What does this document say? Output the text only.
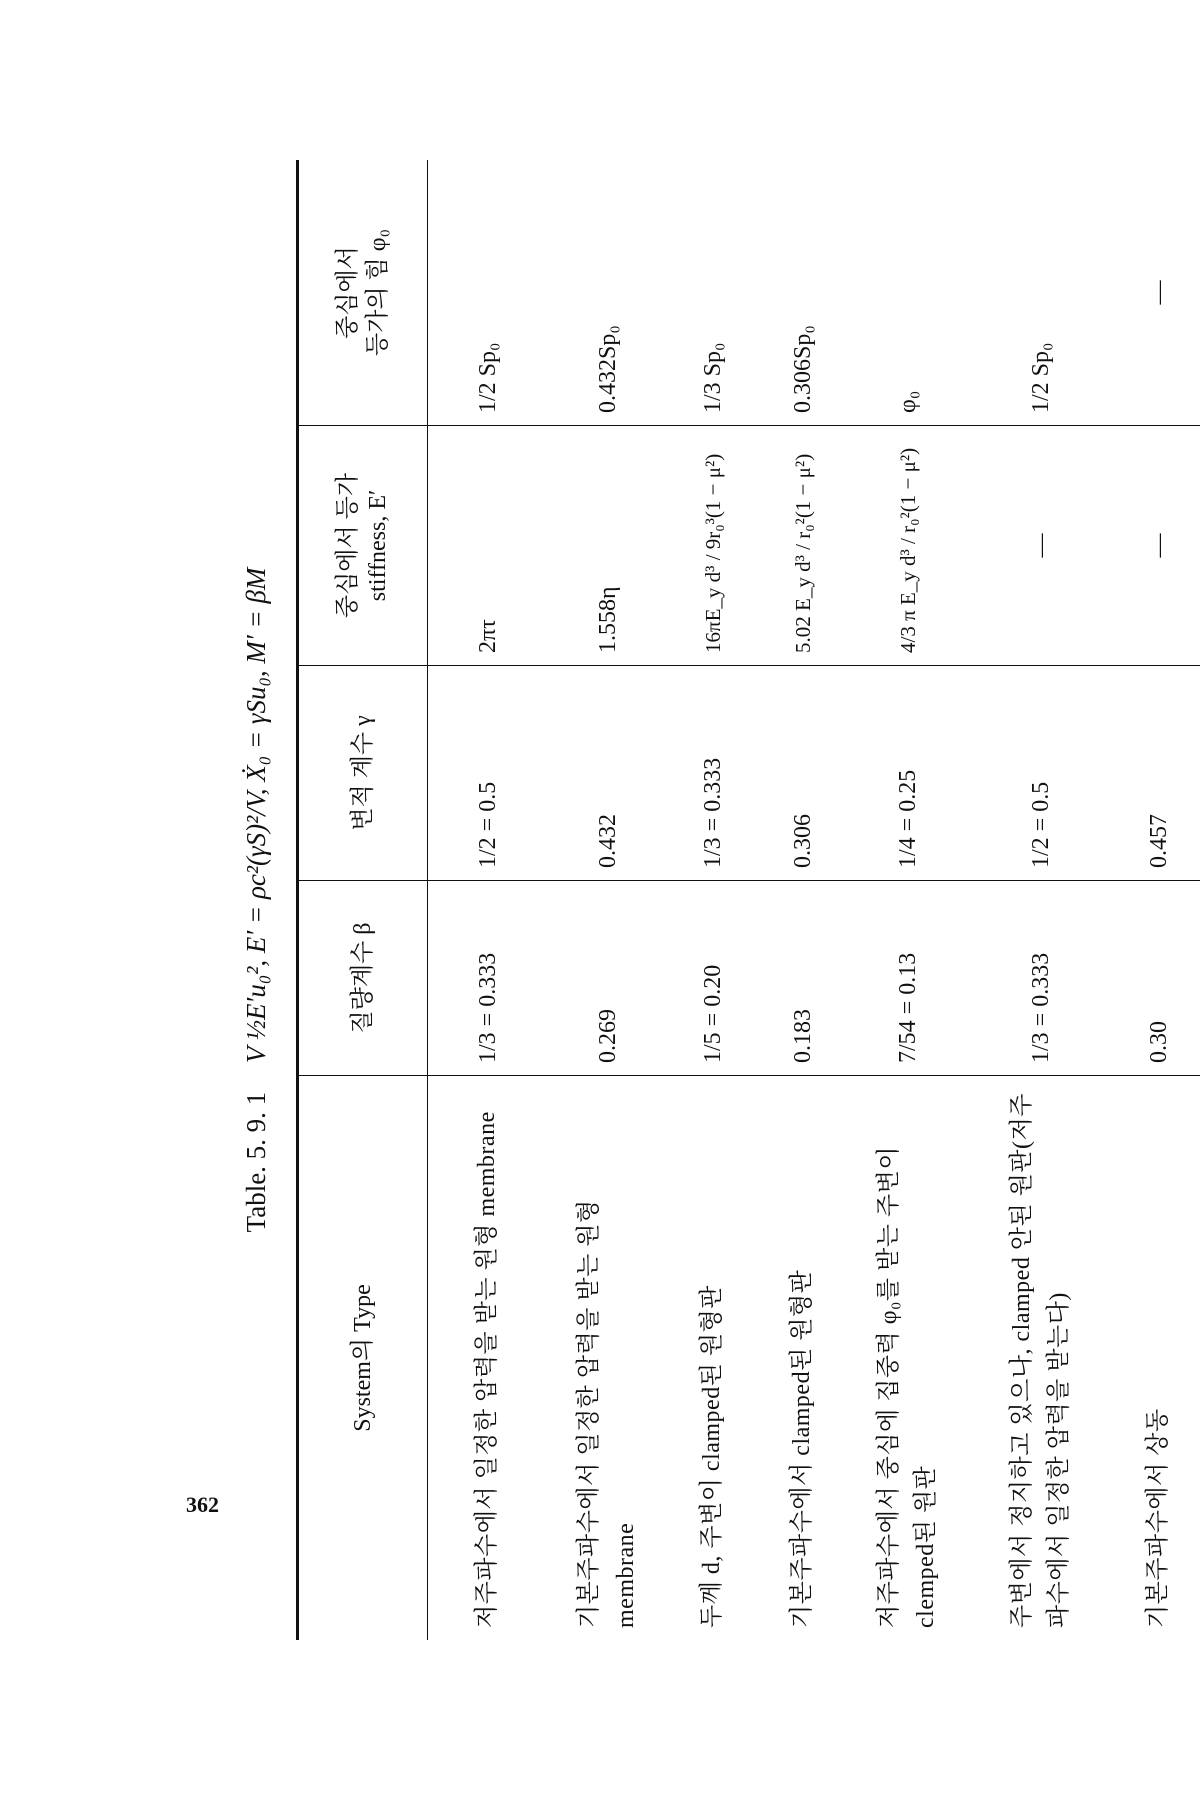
362
Table. 5. 9. 1 V ½E′u₀², E′ = ρc²(γS)²/V, Ẋ₀ = γSu₀, M′ = βM
System의 Type	질량계수 β	변적 계수 γ	중심에서 등가 stiffness, E′	중심에서 등가의 힘 φ₀
저주파수에서 일정한 압력을 받는 원형 membrane	1/3 = 0.333	1/2 = 0.5	2πτ	1/2 Sp₀
기본주파수에서 일정한 압력을 받는 원형 membrane	0.269	0.432	1.558η	0.432Sp₀
두께 d, 주변이 clamped된 원형판	1/5 = 0.20	1/3 = 0.333	16πE_y d³ / 9r₀³(1 − μ²)	1/3 Sp₀
기본주파수에서 clamped된 원형판	0.183	0.306	5.02 E_y d³ / r₀²(1 − μ²)	0.306Sp₀
저주파수에서 중심에 집중력 φ₀를 받는 주변이 clemped된 원판	7/54 = 0.13	1/4 = 0.25	4/3 π E_y d³ / r₀²(1 − μ²)	φ₀
주변에서 정지하고 있으나, clamped 안된 원판(저주파수에서 일정한 압력을 받는다)	1/3 = 0.333	1/2 = 0.5	—	1/2 Sp₀
기본주파수에서 상동	0.30	0.457	—	—
